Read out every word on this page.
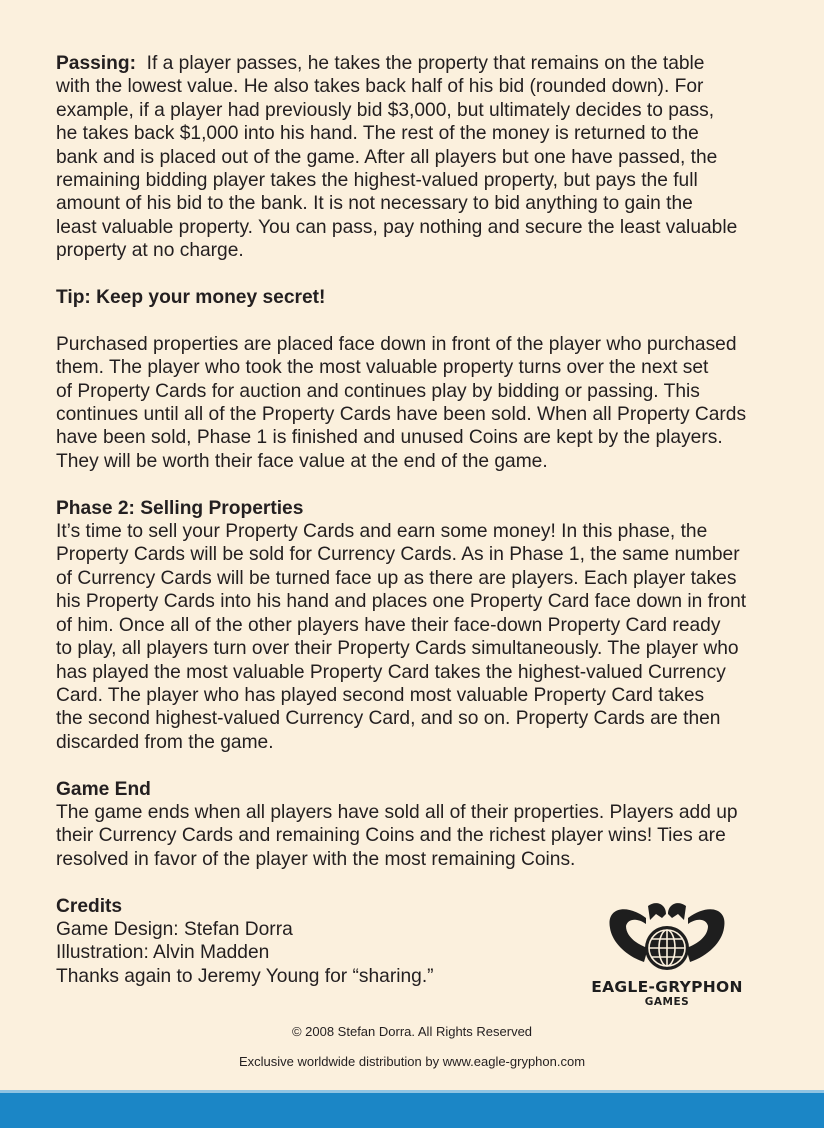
Passing: If a player passes, he takes the property that remains on the table
with the lowest value. He also takes back half of his bid (rounded down). For
example, if a player had previously bid $3,000, but ultimately decides to pass,
he takes back $1,000 into his hand. The rest of the money is returned to the
bank and is placed out of the game. After all players but one have passed, the
remaining bidding player takes the highest-valued property, but pays the full
amount of his bid to the bank. It is not necessary to bid anything to gain the
least valuable property. You can pass, pay nothing and secure the least valuable
property at no charge.

Tip: Keep your money secret!

Purchased properties are placed face down in front of the player who purchased
them. The player who took the most valuable property turns over the next set
of Property Cards for auction and continues play by bidding or passing. This
continues until all of the Property Cards have been sold. When all Property Cards
have been sold, Phase 1 is finished and unused Coins are kept by the players.
They will be worth their face value at the end of the game.

Phase 2: Selling Properties

It’s time to sell your Property Cards and earn some money! In this phase, the
Property Cards will be sold for Currency Cards. As in Phase 1, the same number
of Currency Cards will be turned face up as there are players. Each player takes
his Property Cards into his hand and places one Property Card face down in front
of him. Once all of the other players have their face-down Property Card ready
to play, all players turn over their Property Cards simultaneously. The player who
has played the most valuable Property Card takes the highest-valued Currency
Card. The player who has played second most valuable Property Card takes
the second highest-valued Currency Card, and so on. Property Cards are then
discarded from the game.

Game End

The game ends when all players have sold all of their properties. Players add up
their Currency Cards and remaining Coins and the richest player wins! Ties are
resolved in favor of the player with the most remaining Coins.

Credits

Game Design: Stefan Dorra
Illustration: Alvin Madden
Thanks again to Jeremy Young for “sharing.”

EAGLE-GRYPHON
GAMES
© 2008 Stefan Dorra. All Rights Reserved
Exclusive worldwide distribution by www.eagle-gryphon.com
